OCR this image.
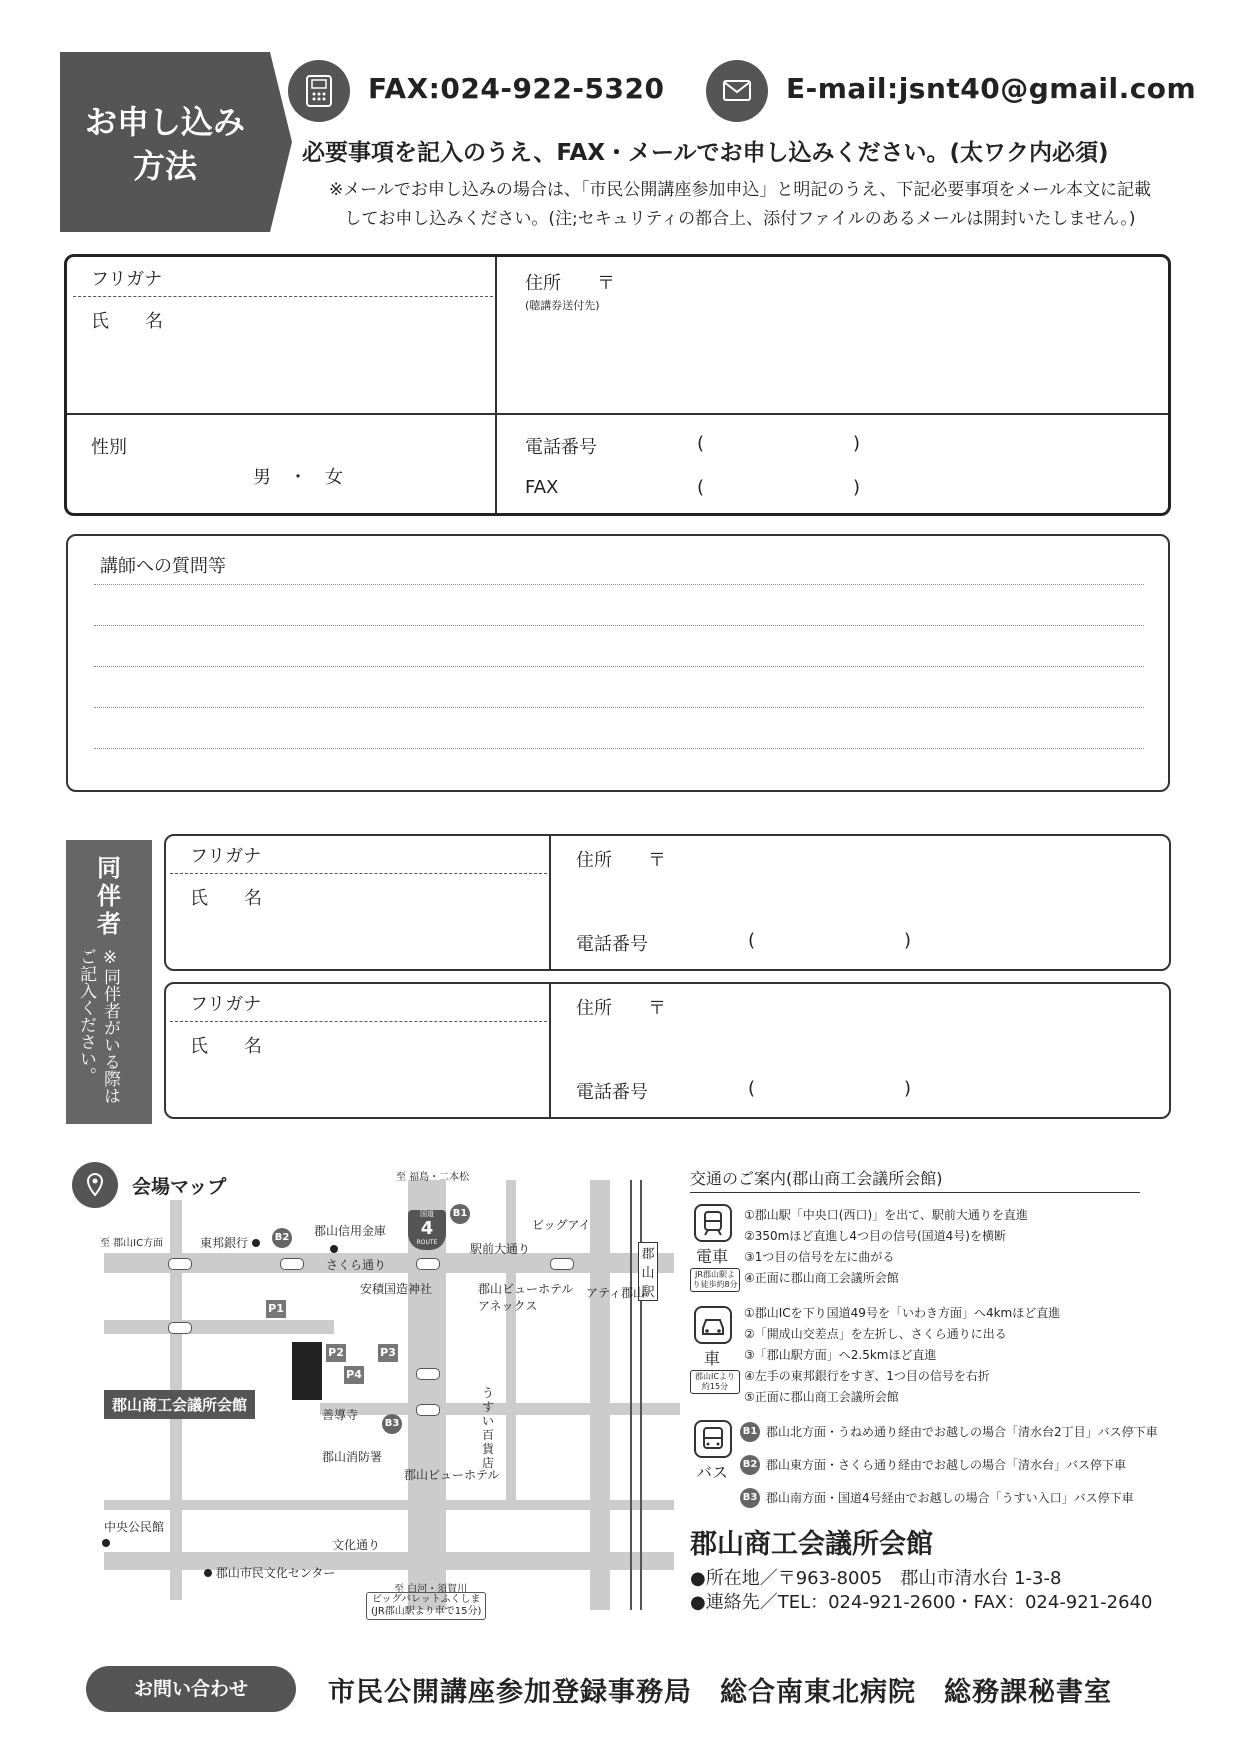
お申し込み
方法
FAX:024-922-5320	E-mail:jsnt40@gmail.com
必要事項を記入のうえ、FAX・メールでお申し込みください。(太ワク内必須)
※メールでお申し込みの場合は、「市民公開講座参加申込」と明記のうえ、下記必要事項をメール本文に記載
してお申し込みください。(注;セキュリティの都合上、添付ファイルのあるメールは開封いたしません。)
フリガナ
氏　　名
住所　　〒
(聴講券送付先)
性別
男　・　女
電話番号	(	)
FAX	(	)
講師への質問等
同
伴
者
※同伴者がいる際はご記入ください。
フリガナ
氏　　名
住所　　〒
電話番号	(	)
フリガナ
氏　　名
住所　　〒
電話番号	(	)
会場マップ	至 福島・二本松
至 郡山IC方面
至 白河・須賀川
国道
4
ROUTE
B1
B2
B3
東邦銀行
郡山信用金庫
さくら通り
駅前大通り
ビッグアイ
郡山駅
安積国造神社	郡山ビューホテル アネックス
アティ郡山
P1
P2	P3
P4
郡山商工会議所会館
善導寺
うすい百貨店
郡山消防署
郡山ビューホテル
中央公民館
文化通り
郡山市民文化センター
ビッグパレットふくしま
(JR郡山駅より車で15分)
交通のご案内(郡山商工会議所会館)
電車
JR郡山駅より徒歩約8分
①郡山駅「中央口(西口)」を出て、駅前大通りを直進
②350mほど直進し4つ目の信号(国道4号)を横断
③1つ目の信号を左に曲がる
④正面に郡山商工会議所会館
車
郡山ICより約15分
①郡山ICを下り国道49号を「いわき方面」へ4kmほど直進
②「開成山交差点」を左折し、さくら通りに出る
③「郡山駅方面」へ2.5kmほど直進
④左手の東邦銀行をすぎ、1つ目の信号を右折
⑤正面に郡山商工会議所会館
バス
B1 郡山北方面・うねめ通り経由でお越しの場合「清水台2丁目」バス停下車
B2 郡山東方面・さくら通り経由でお越しの場合「清水台」バス停下車
B3 郡山南方面・国道4号経由でお越しの場合「うすい入口」バス停下車
郡山商工会議所会館
●所在地／〒963-8005　郡山市清水台 1-3-8
●連絡先／TEL：024-921-2600・FAX：024-921-2640
お問い合わせ	市民公開講座参加登録事務局　総合南東北病院　総務課秘書室
